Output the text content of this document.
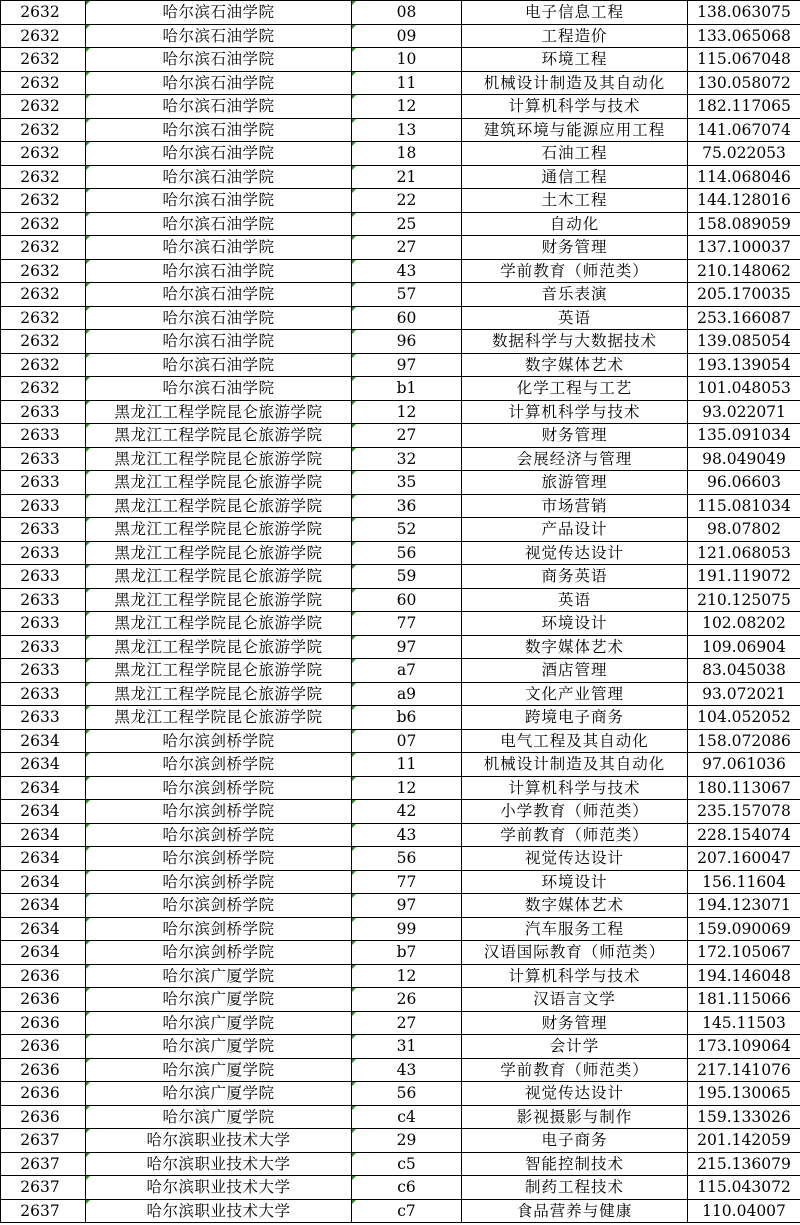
2632	哈尔滨石油学院	08	电子信息工程	138.063075
2632	哈尔滨石油学院	09	工程造价	133.065068
2632	哈尔滨石油学院	10	环境工程	115.067048
2632	哈尔滨石油学院	11	机械设计制造及其自动化	130.058072
2632	哈尔滨石油学院	12	计算机科学与技术	182.117065
2632	哈尔滨石油学院	13	建筑环境与能源应用工程	141.067074
2632	哈尔滨石油学院	18	石油工程	75.022053
2632	哈尔滨石油学院	21	通信工程	114.068046
2632	哈尔滨石油学院	22	土木工程	144.128016
2632	哈尔滨石油学院	25	自动化	158.089059
2632	哈尔滨石油学院	27	财务管理	137.100037
2632	哈尔滨石油学院	43	学前教育（师范类）	210.148062
2632	哈尔滨石油学院	57	音乐表演	205.170035
2632	哈尔滨石油学院	60	英语	253.166087
2632	哈尔滨石油学院	96	数据科学与大数据技术	139.085054
2632	哈尔滨石油学院	97	数字媒体艺术	193.139054
2632	哈尔滨石油学院	b1	化学工程与工艺	101.048053
2633	黑龙江工程学院昆仑旅游学院	12	计算机科学与技术	93.022071
2633	黑龙江工程学院昆仑旅游学院	27	财务管理	135.091034
2633	黑龙江工程学院昆仑旅游学院	32	会展经济与管理	98.049049
2633	黑龙江工程学院昆仑旅游学院	35	旅游管理	96.06603
2633	黑龙江工程学院昆仑旅游学院	36	市场营销	115.081034
2633	黑龙江工程学院昆仑旅游学院	52	产品设计	98.07802
2633	黑龙江工程学院昆仑旅游学院	56	视觉传达设计	121.068053
2633	黑龙江工程学院昆仑旅游学院	59	商务英语	191.119072
2633	黑龙江工程学院昆仑旅游学院	60	英语	210.125075
2633	黑龙江工程学院昆仑旅游学院	77	环境设计	102.08202
2633	黑龙江工程学院昆仑旅游学院	97	数字媒体艺术	109.06904
2633	黑龙江工程学院昆仑旅游学院	a7	酒店管理	83.045038
2633	黑龙江工程学院昆仑旅游学院	a9	文化产业管理	93.072021
2633	黑龙江工程学院昆仑旅游学院	b6	跨境电子商务	104.052052
2634	哈尔滨剑桥学院	07	电气工程及其自动化	158.072086
2634	哈尔滨剑桥学院	11	机械设计制造及其自动化	97.061036
2634	哈尔滨剑桥学院	12	计算机科学与技术	180.113067
2634	哈尔滨剑桥学院	42	小学教育（师范类）	235.157078
2634	哈尔滨剑桥学院	43	学前教育（师范类）	228.154074
2634	哈尔滨剑桥学院	56	视觉传达设计	207.160047
2634	哈尔滨剑桥学院	77	环境设计	156.11604
2634	哈尔滨剑桥学院	97	数字媒体艺术	194.123071
2634	哈尔滨剑桥学院	99	汽车服务工程	159.090069
2634	哈尔滨剑桥学院	b7	汉语国际教育（师范类）	172.105067
2636	哈尔滨广厦学院	12	计算机科学与技术	194.146048
2636	哈尔滨广厦学院	26	汉语言文学	181.115066
2636	哈尔滨广厦学院	27	财务管理	145.11503
2636	哈尔滨广厦学院	31	会计学	173.109064
2636	哈尔滨广厦学院	43	学前教育（师范类）	217.141076
2636	哈尔滨广厦学院	56	视觉传达设计	195.130065
2636	哈尔滨广厦学院	c4	影视摄影与制作	159.133026
2637	哈尔滨职业技术大学	29	电子商务	201.142059
2637	哈尔滨职业技术大学	c5	智能控制技术	215.136079
2637	哈尔滨职业技术大学	c6	制药工程技术	115.043072
2637	哈尔滨职业技术大学	c7	食品营养与健康	110.04007
